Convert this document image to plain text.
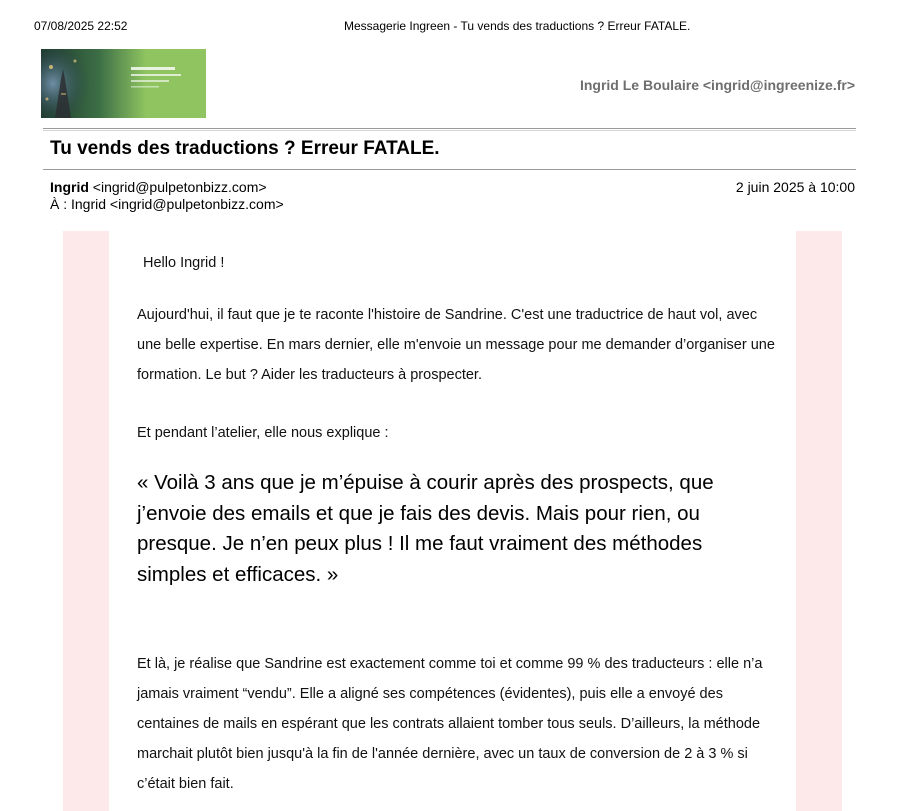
07/08/2025 22:52	Messagerie Ingreen - Tu vends des traductions ? Erreur FATALE.
Ingrid Le Boulaire <ingrid@ingreenize.fr>
Tu vends des traductions ? Erreur FATALE.
Ingrid <ingrid@pulpetonbizz.com>
À : Ingrid <ingrid@pulpetonbizz.com>
2 juin 2025 à 10:00

Hello Ingrid !

Aujourd'hui, il faut que je te raconte l'histoire de Sandrine. C'est une traductrice de haut vol, avec une belle expertise. En mars dernier, elle m'envoie un message pour me demander d’organiser une formation. Le but ? Aider les traducteurs à prospecter.

Et pendant l’atelier, elle nous explique :

« Voilà 3 ans que je m’épuise à courir après des prospects, que j’envoie des emails et que je fais des devis. Mais pour rien, ou presque. Je n’en peux plus ! Il me faut vraiment des méthodes simples et efficaces. »

Et là, je réalise que Sandrine est exactement comme toi et comme 99 % des traducteurs : elle n’a jamais vraiment “vendu”. Elle a aligné ses compétences (évidentes), puis elle a envoyé des centaines de mails en espérant que les contrats allaient tomber tous seuls. D’ailleurs, la méthode marchait plutôt bien jusqu'à la fin de l'année dernière, avec un taux de conversion de 2 à 3 % si c’était bien fait.
